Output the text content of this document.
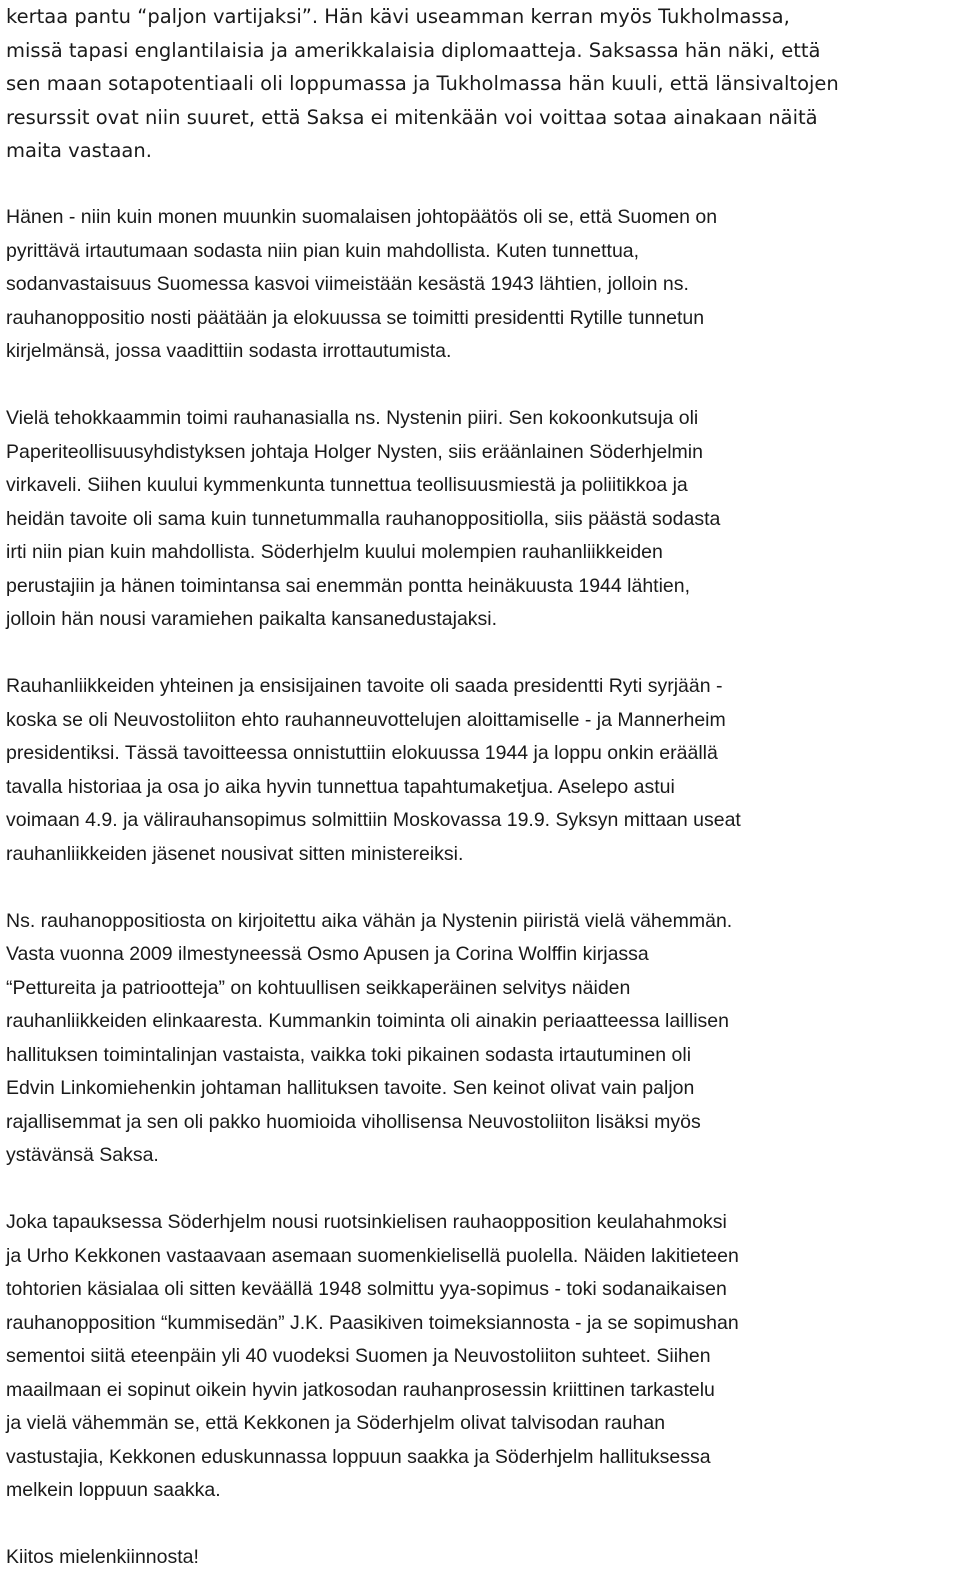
kertaa pantu “paljon vartijaksi”. Hän kävi useamman kerran myös Tukholmassa,
missä tapasi englantilaisia ja amerikkalaisia diplomaatteja. Saksassa hän näki, että
sen maan sotapotentiaali oli loppumassa ja Tukholmassa hän kuuli, että länsivaltojen
resurssit ovat niin suuret, että Saksa ei mitenkään voi voittaa sotaa ainakaan näitä
maita vastaan.
Hänen - niin kuin monen muunkin suomalaisen johtopäätös oli se, että Suomen on
pyrittävä irtautumaan sodasta niin pian kuin mahdollista. Kuten tunnettua,
sodanvastaisuus Suomessa kasvoi viimeistään kesästä 1943 lähtien, jolloin ns.
rauhanoppositio nosti päätään ja elokuussa se toimitti presidentti Rytille tunnetun
kirjelmänsä, jossa vaadittiin sodasta irrottautumista.
Vielä tehokkaammin toimi rauhanasialla ns. Nystenin piiri. Sen kokoonkutsuja oli
Paperiteollisuusyhdistyksen johtaja Holger Nysten, siis eräänlainen Söderhjelmin
virkaveli. Siihen kuului kymmenkunta tunnettua teollisuusmiestä ja poliitikkoa ja
heidän tavoite oli sama kuin tunnetummalla rauhanoppositiolla, siis päästä sodasta
irti niin pian kuin mahdollista. Söderhjelm kuului molempien rauhanliikkeiden
perustajiin ja hänen toimintansa sai enemmän pontta heinäkuusta 1944 lähtien,
jolloin hän nousi varamiehen paikalta kansanedustajaksi.
Rauhanliikkeiden yhteinen ja ensisijainen tavoite oli saada presidentti Ryti syrjään -
koska se oli Neuvostoliiton ehto rauhanneuvottelujen aloittamiselle - ja Mannerheim
presidentiksi. Tässä tavoitteessa onnistuttiin elokuussa 1944 ja loppu onkin eräällä
tavalla historiaa ja osa jo aika hyvin tunnettua tapahtumaketjua. Aselepo astui
voimaan 4.9. ja välirauhansopimus solmittiin Moskovassa 19.9. Syksyn mittaan useat
rauhanliikkeiden jäsenet nousivat sitten ministereiksi.
Ns. rauhanoppositiosta on kirjoitettu aika vähän ja Nystenin piiristä vielä vähemmän.
Vasta vuonna 2009 ilmestyneessä Osmo Apusen ja Corina Wolffin kirjassa
“Pettureita ja patriootteja” on kohtuullisen seikkaperäinen selvitys näiden
rauhanliikkeiden elinkaaresta. Kummankin toiminta oli ainakin periaatteessa laillisen
hallituksen toimintalinjan vastaista, vaikka toki pikainen sodasta irtautuminen oli
Edvin Linkomiehenkin johtaman hallituksen tavoite. Sen keinot olivat vain paljon
rajallisemmat ja sen oli pakko huomioida vihollisensa Neuvostoliiton lisäksi myös
ystävänsä Saksa.
Joka tapauksessa Söderhjelm nousi ruotsinkielisen rauhaopposition keulahahmoksi
ja Urho Kekkonen vastaavaan asemaan suomenkielisellä puolella. Näiden lakitieteen
tohtorien käsialaa oli sitten keväällä 1948 solmittu yya-sopimus - toki sodanaikaisen
rauhanopposition “kummisedän” J.K. Paasikiven toimeksiannosta - ja se sopimushan
sementoi siitä eteenpäin yli 40 vuodeksi Suomen ja Neuvostoliiton suhteet. Siihen
maailmaan ei sopinut oikein hyvin jatkosodan rauhanprosessin kriittinen tarkastelu
ja vielä vähemmän se, että Kekkonen ja Söderhjelm olivat talvisodan rauhan
vastustajia, Kekkonen eduskunnassa loppuun saakka ja Söderhjelm hallituksessa
melkein loppuun saakka.
Kiitos mielenkiinnosta!
